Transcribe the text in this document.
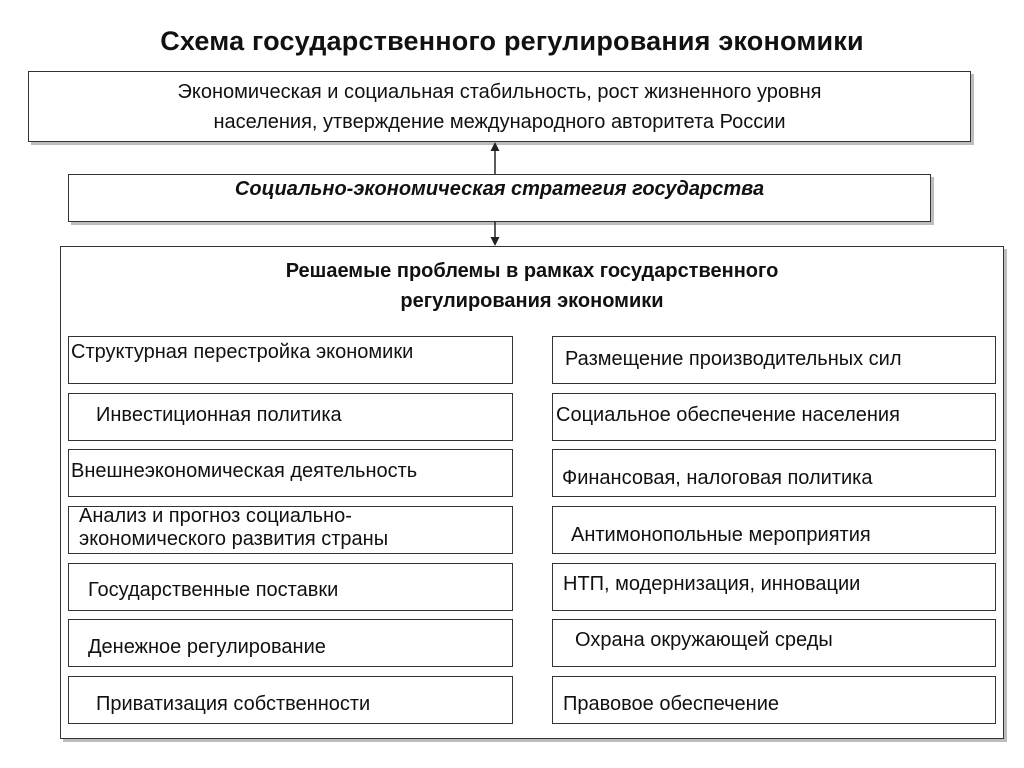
Схема государственного регулирования экономики
Экономическая и социальная стабильность, рост жизненного уровня
населения, утверждение международного авторитета России
Социально-экономическая стратегия государства
Решаемые проблемы в рамках государственного
регулирования экономики
Структурная перестройка экономики
Инвестиционная политика
Внешнеэкономическая деятельность
Анализ и прогноз социально-
экономического развития страны
Государственные поставки
Денежное регулирование
Приватизация собственности
Размещение производительных сил
Социальное обеспечение населения
Финансовая, налоговая политика
Антимонопольные мероприятия
НТП, модернизация, инновации
Охрана окружающей среды
Правовое обеспечение
